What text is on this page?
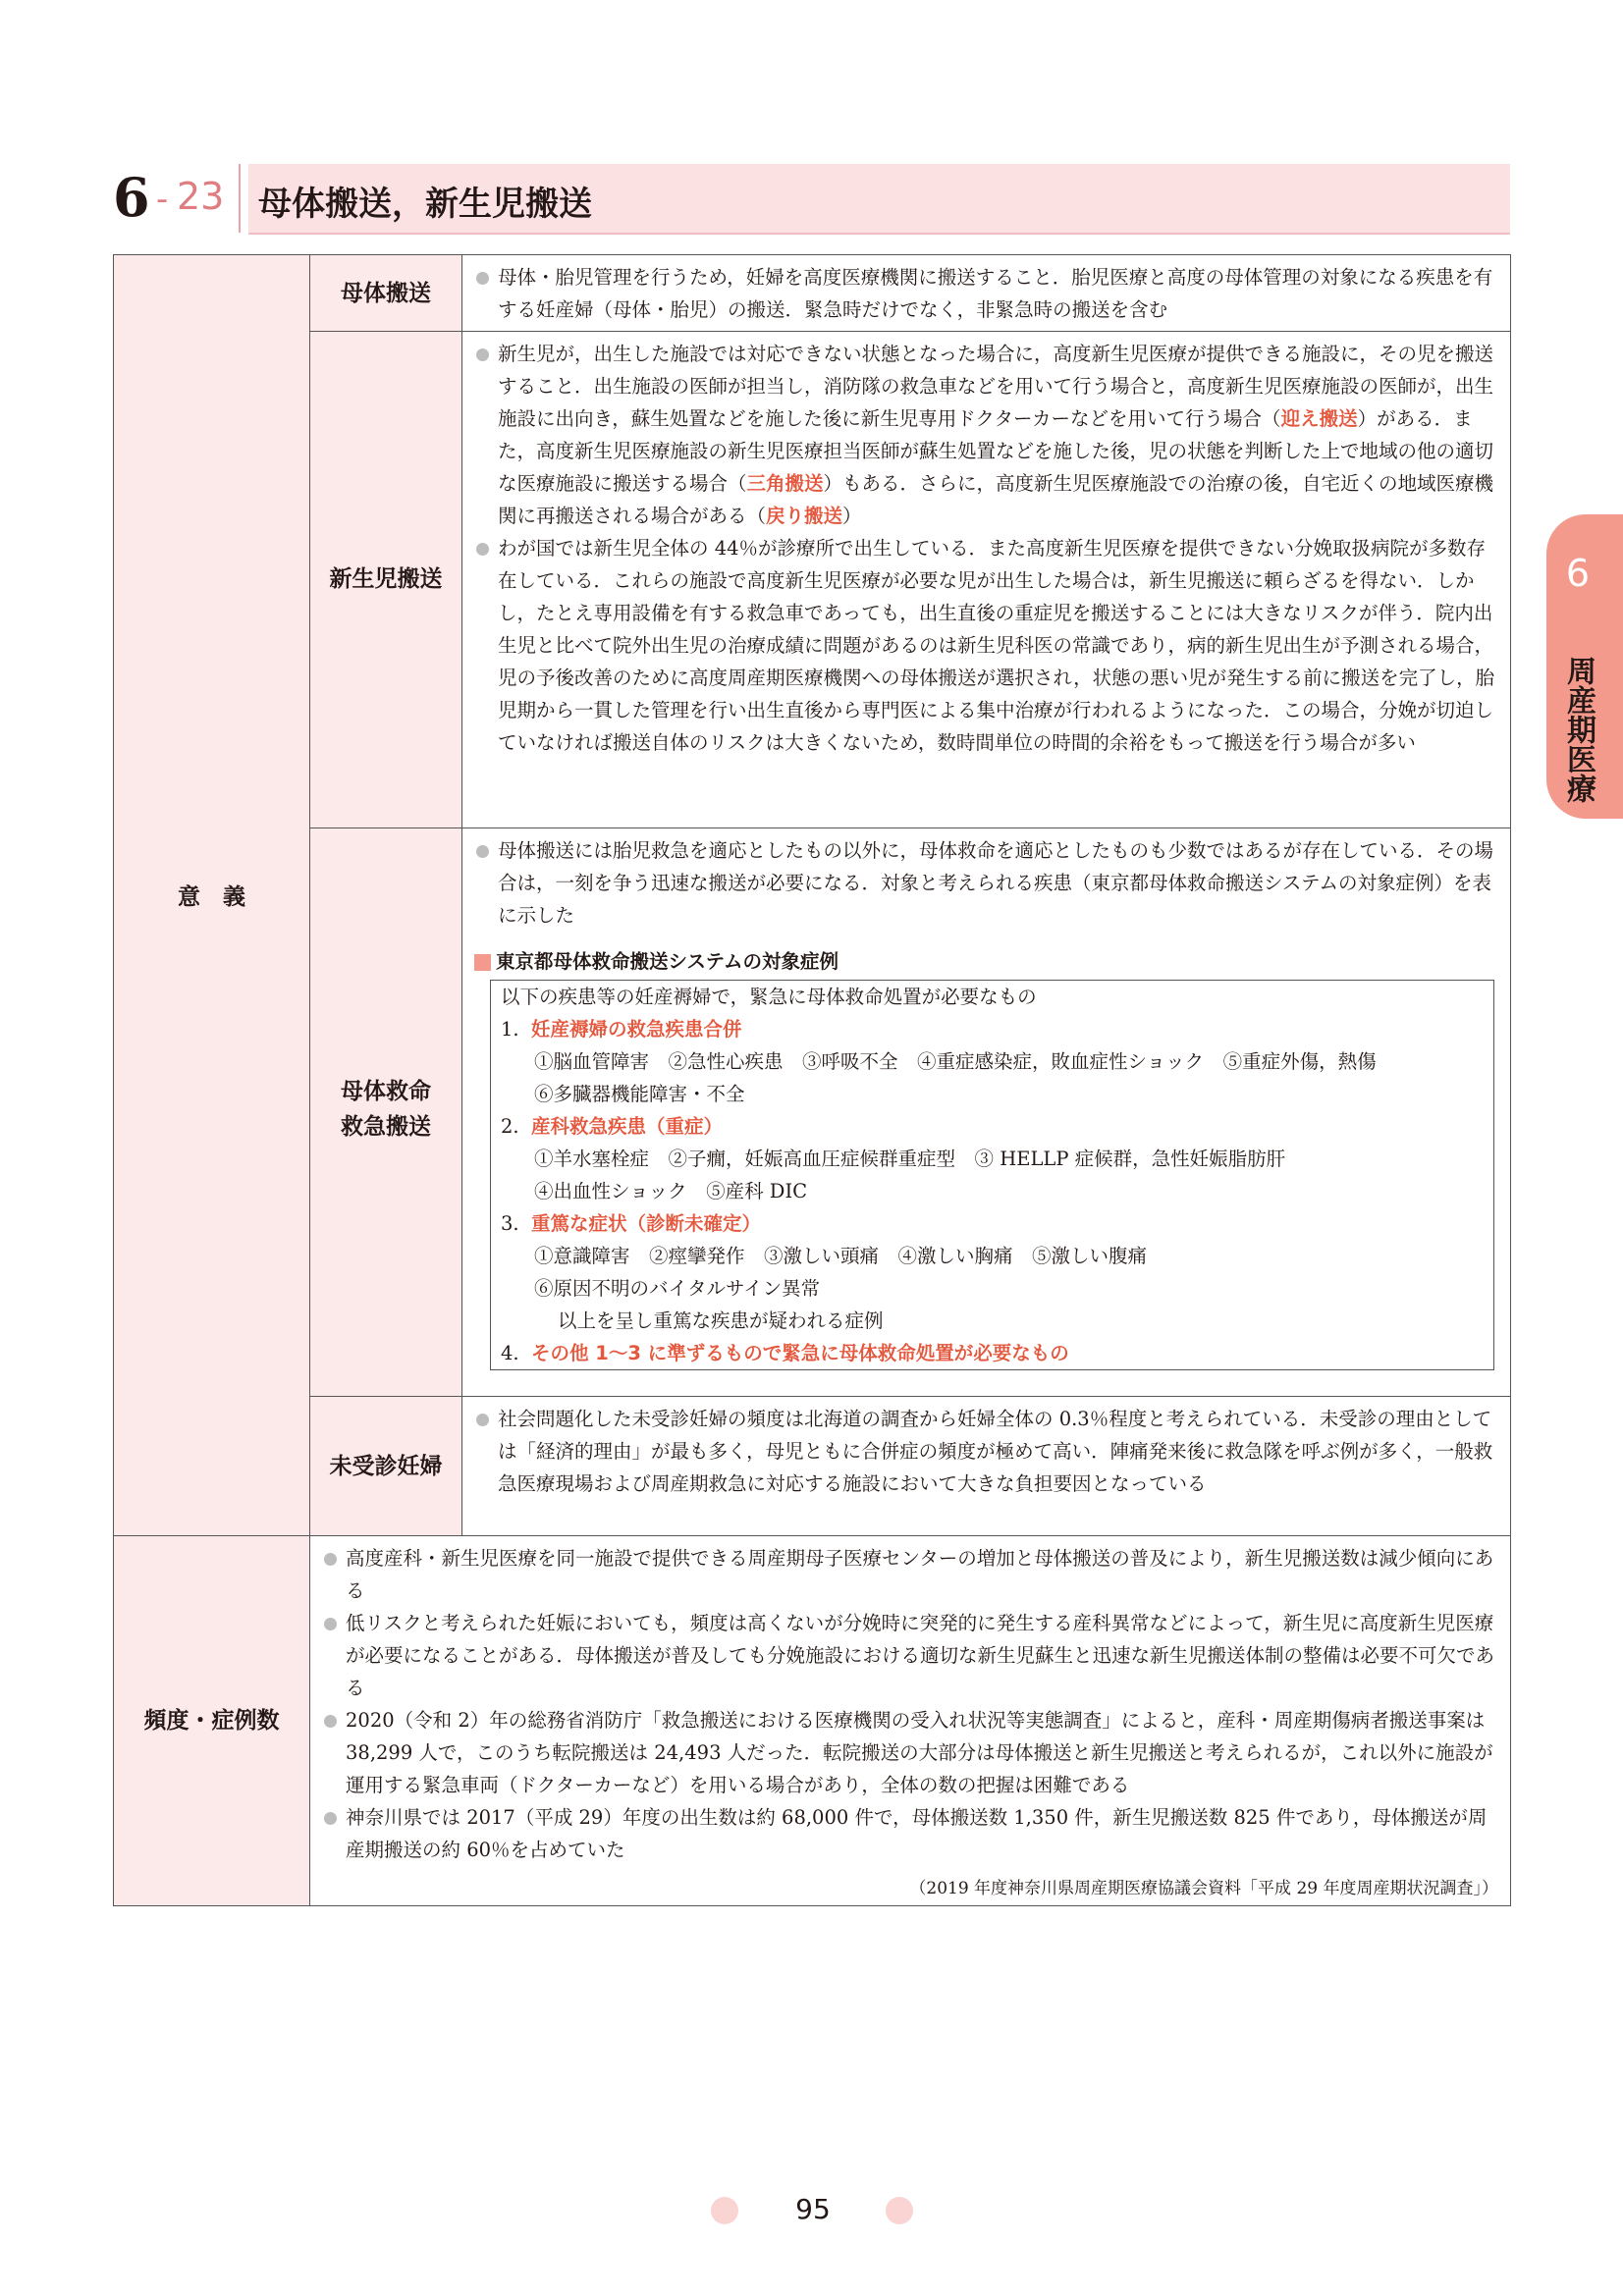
6 - 23 母体搬送，新生児搬送
6
周産期医療
意　義
母体搬送
母体・胎児管理を行うため，妊婦を高度医療機関に搬送すること．胎児医療と高度の母体管理の対象になる疾患を有する妊産婦（母体・胎児）の搬送．緊急時だけでなく，非緊急時の搬送を含む
新生児搬送
新生児が，出生した施設では対応できない状態となった場合に，高度新生児医療が提供できる施設に，その児を搬送すること．出生施設の医師が担当し，消防隊の救急車などを用いて行う場合と，高度新生児医療施設の医師が，出生施設に出向き，蘇生処置などを施した後に新生児専用ドクターカーなどを用いて行う場合（迎え搬送）がある．また，高度新生児医療施設の新生児医療担当医師が蘇生処置などを施した後，児の状態を判断した上で地域の他の適切な医療施設に搬送する場合（三角搬送）もある．さらに，高度新生児医療施設での治療の後，自宅近くの地域医療機関に再搬送される場合がある（戻り搬送）
わが国では新生児全体の 44％が診療所で出生している．また高度新生児医療を提供できない分娩取扱病院が多数存在している．これらの施設で高度新生児医療が必要な児が出生した場合は，新生児搬送に頼らざるを得ない．しかし，たとえ専用設備を有する救急車であっても，出生直後の重症児を搬送することには大きなリスクが伴う．院内出生児と比べて院外出生児の治療成績に問題があるのは新生児科医の常識であり，病的新生児出生が予測される場合，児の予後改善のために高度周産期医療機関への母体搬送が選択され，状態の悪い児が発生する前に搬送を完了し，胎児期から一貫した管理を行い出生直後から専門医による集中治療が行われるようになった．この場合，分娩が切迫していなければ搬送自体のリスクは大きくないため，数時間単位の時間的余裕をもって搬送を行う場合が多い
母体救命
救急搬送
母体搬送には胎児救急を適応としたもの以外に，母体救命を適応としたものも少数ではあるが存在している．その場合は，一刻を争う迅速な搬送が必要になる．対象と考えられる疾患（東京都母体救命搬送システムの対象症例）を表に示した
東京都母体救命搬送システムの対象症例
以下の疾患等の妊産褥婦で，緊急に母体救命処置が必要なもの
1. 妊産褥婦の救急疾患合併
①脳血管障害　②急性心疾患　③呼吸不全　④重症感染症，敗血症性ショック　⑤重症外傷，熱傷
⑥多臓器機能障害・不全
2. 産科救急疾患（重症）
①羊水塞栓症　②子癇，妊娠高血圧症候群重症型　③ HELLP 症候群，急性妊娠脂肪肝
④出血性ショック　⑤産科 DIC
3. 重篤な症状（診断未確定）
①意識障害　②痙攣発作　③激しい頭痛　④激しい胸痛　⑤激しい腹痛
⑥原因不明のバイタルサイン異常
以上を呈し重篤な疾患が疑われる症例
4. その他 1～3 に準ずるもので緊急に母体救命処置が必要なもの
未受診妊婦
社会問題化した未受診妊婦の頻度は北海道の調査から妊婦全体の 0.3％程度と考えられている．未受診の理由としては「経済的理由」が最も多く，母児ともに合併症の頻度が極めて高い．陣痛発来後に救急隊を呼ぶ例が多く，一般救急医療現場および周産期救急に対応する施設において大きな負担要因となっている
頻度・症例数
高度産科・新生児医療を同一施設で提供できる周産期母子医療センターの増加と母体搬送の普及により，新生児搬送数は減少傾向にある
低リスクと考えられた妊娠においても，頻度は高くないが分娩時に突発的に発生する産科異常などによって，新生児に高度新生児医療が必要になることがある．母体搬送が普及しても分娩施設における適切な新生児蘇生と迅速な新生児搬送体制の整備は必要不可欠である
2020（令和 2）年の総務省消防庁「救急搬送における医療機関の受入れ状況等実態調査」によると，産科・周産期傷病者搬送事案は 38,299 人で，このうち転院搬送は 24,493 人だった．転院搬送の大部分は母体搬送と新生児搬送と考えられるが，これ以外に施設が運用する緊急車両（ドクターカーなど）を用いる場合があり，全体の数の把握は困難である
神奈川県では 2017（平成 29）年度の出生数は約 68,000 件で，母体搬送数 1,350 件，新生児搬送数 825 件であり，母体搬送が周産期搬送の約 60％を占めていた
（2019 年度神奈川県周産期医療協議会資料「平成 29 年度周産期状況調査」）
95
